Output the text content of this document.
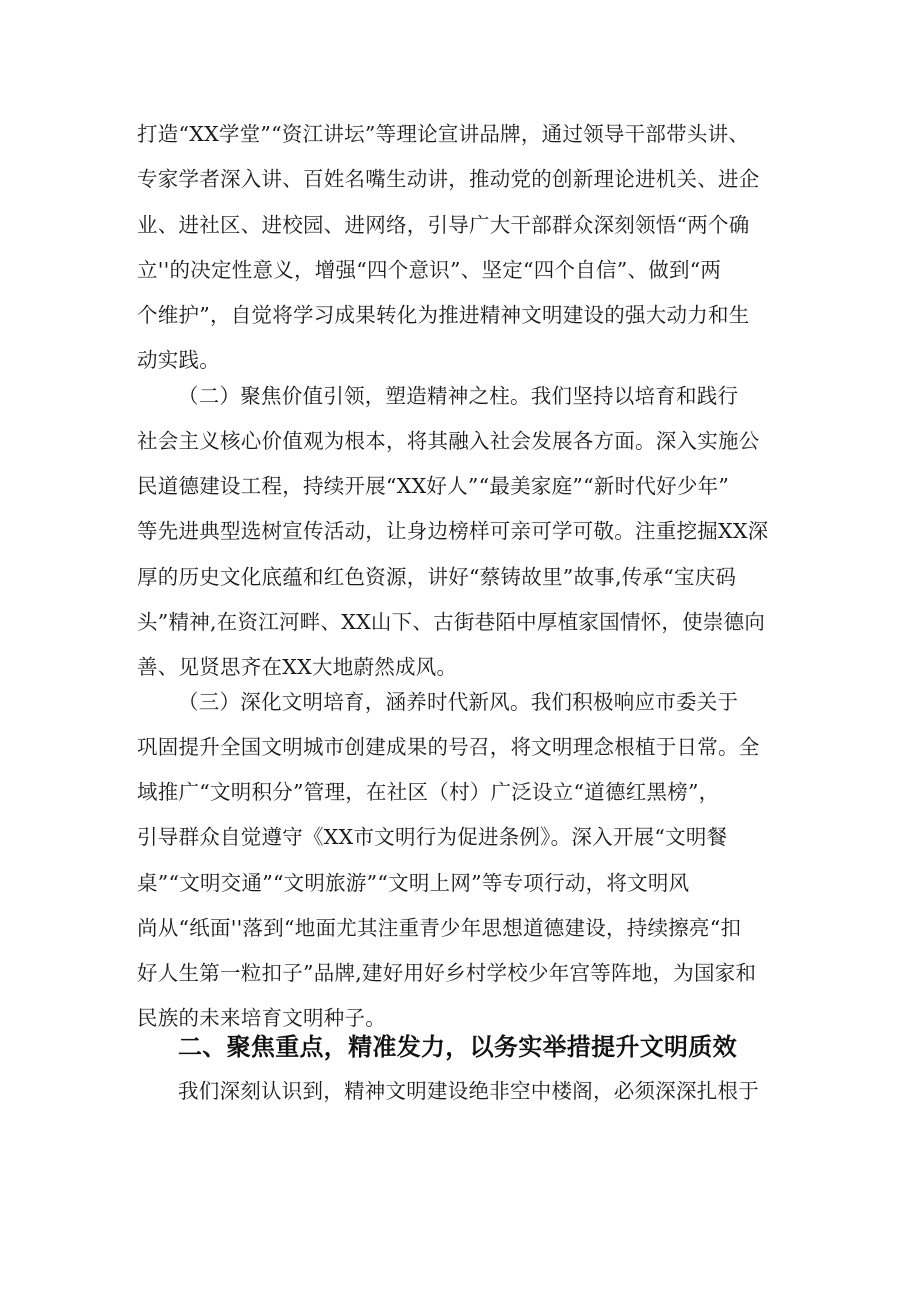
打造“XX学堂”“资江讲坛”等理论宣讲品牌，通过领导干部带头讲、
专家学者深入讲、百姓名嘴生动讲，推动党的创新理论进机关、进企
业、进社区、进校园、进网络，引导广大干部群众深刻领悟“两个确
立''的决定性意义，增强“四个意识”、坚定“四个自信”、做到“两
个维护”，自觉将学习成果转化为推进精神文明建设的强大动力和生
动实践。
（二）聚焦价值引领，塑造精神之柱。我们坚持以培育和践行
社会主义核心价值观为根本，将其融入社会发展各方面。深入实施公
民道德建设工程，持续开展“XX好人”“最美家庭”“新时代好少年”
等先进典型选树宣传活动，让身边榜样可亲可学可敬。注重挖掘XX深
厚的历史文化底蕴和红色资源，讲好“蔡铸故里”故事,传承“宝庆码
头”精神,在资江河畔、XX山下、古街巷陌中厚植家国情怀，使崇德向
善、见贤思齐在XX大地蔚然成风。
（三）深化文明培育，涵养时代新风。我们积极响应市委关于
巩固提升全国文明城市创建成果的号召，将文明理念根植于日常。全
域推广“文明积分”管理，在社区（村）广泛设立“道德红黑榜”，
引导群众自觉遵守《XX市文明行为促进条例》。深入开展“文明餐
桌”“文明交通”“文明旅游”“文明上网”等专项行动，将文明风
尚从“纸面''落到“地面尤其注重青少年思想道德建设，持续擦亮“扣
好人生第一粒扣子”品牌,建好用好乡村学校少年宫等阵地，为国家和
民族的未来培育文明种子。
二、聚焦重点，精准发力，以务实举措提升文明质效
我们深刻认识到，精神文明建设绝非空中楼阁，必须深深扎根于
